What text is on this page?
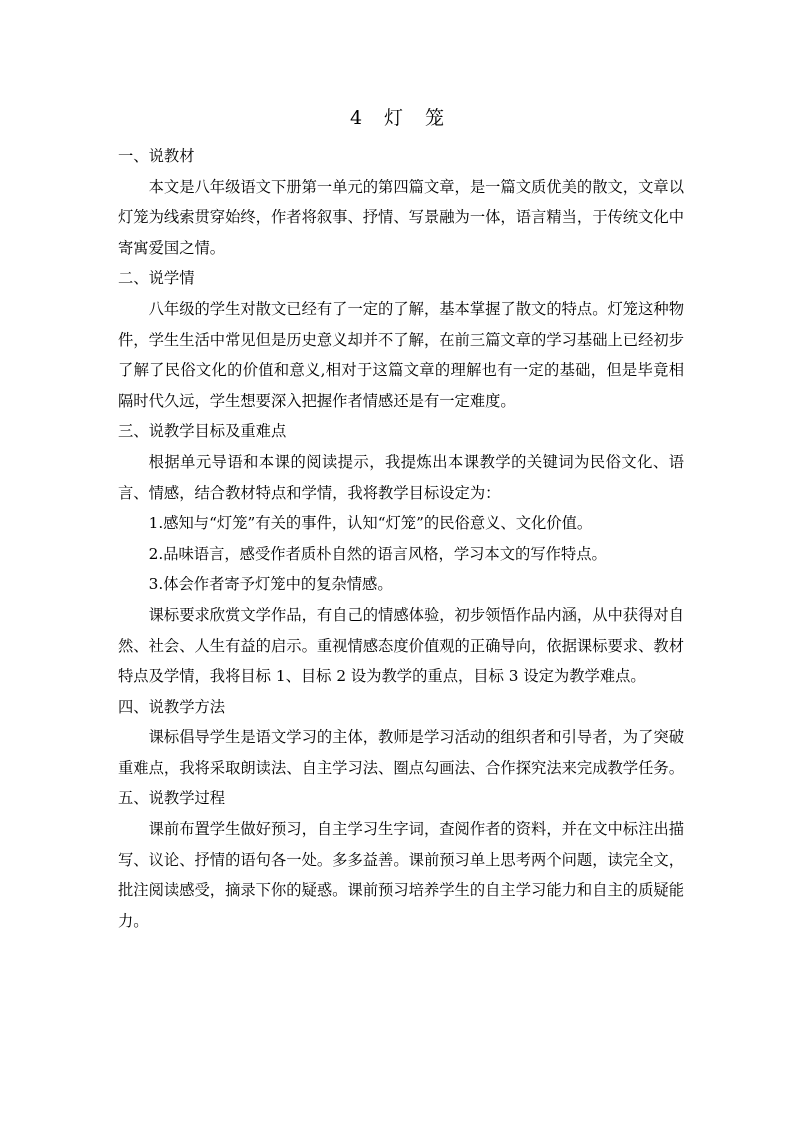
4 灯 笼

一、说教材

本文是八年级语文下册第一单元的第四篇文章，是一篇文质优美的散文，文章以灯笼为线索贯穿始终，作者将叙事、抒情、写景融为一体，语言精当，于传统文化中寄寓爱国之情。

二、说学情

八年级的学生对散文已经有了一定的了解，基本掌握了散文的特点。灯笼这种物件，学生生活中常见但是历史意义却并不了解，在前三篇文章的学习基础上已经初步了解了民俗文化的价值和意义,相对于这篇文章的理解也有一定的基础，但是毕竟相隔时代久远，学生想要深入把握作者情感还是有一定难度。

三、说教学目标及重难点

根据单元导语和本课的阅读提示，我提炼出本课教学的关键词为民俗文化、语言、情感，结合教材特点和学情，我将教学目标设定为：

1.感知与“灯笼”有关的事件，认知“灯笼”的民俗意义、文化价值。

2.品味语言，感受作者质朴自然的语言风格，学习本文的写作特点。

3.体会作者寄予灯笼中的复杂情感。

课标要求欣赏文学作品，有自己的情感体验，初步领悟作品内涵，从中获得对自然、社会、人生有益的启示。重视情感态度价值观的正确导向，依据课标要求、教材特点及学情，我将目标 1、目标 2 设为教学的重点，目标 3 设定为教学难点。

四、说教学方法

课标倡导学生是语文学习的主体，教师是学习活动的组织者和引导者，为了突破重难点，我将采取朗读法、自主学习法、圈点勾画法、合作探究法来完成教学任务。

五、说教学过程

课前布置学生做好预习，自主学习生字词，查阅作者的资料，并在文中标注出描写、议论、抒情的语句各一处。多多益善。课前预习单上思考两个问题，读完全文，批注阅读感受，摘录下你的疑惑。课前预习培养学生的自主学习能力和自主的质疑能力。
